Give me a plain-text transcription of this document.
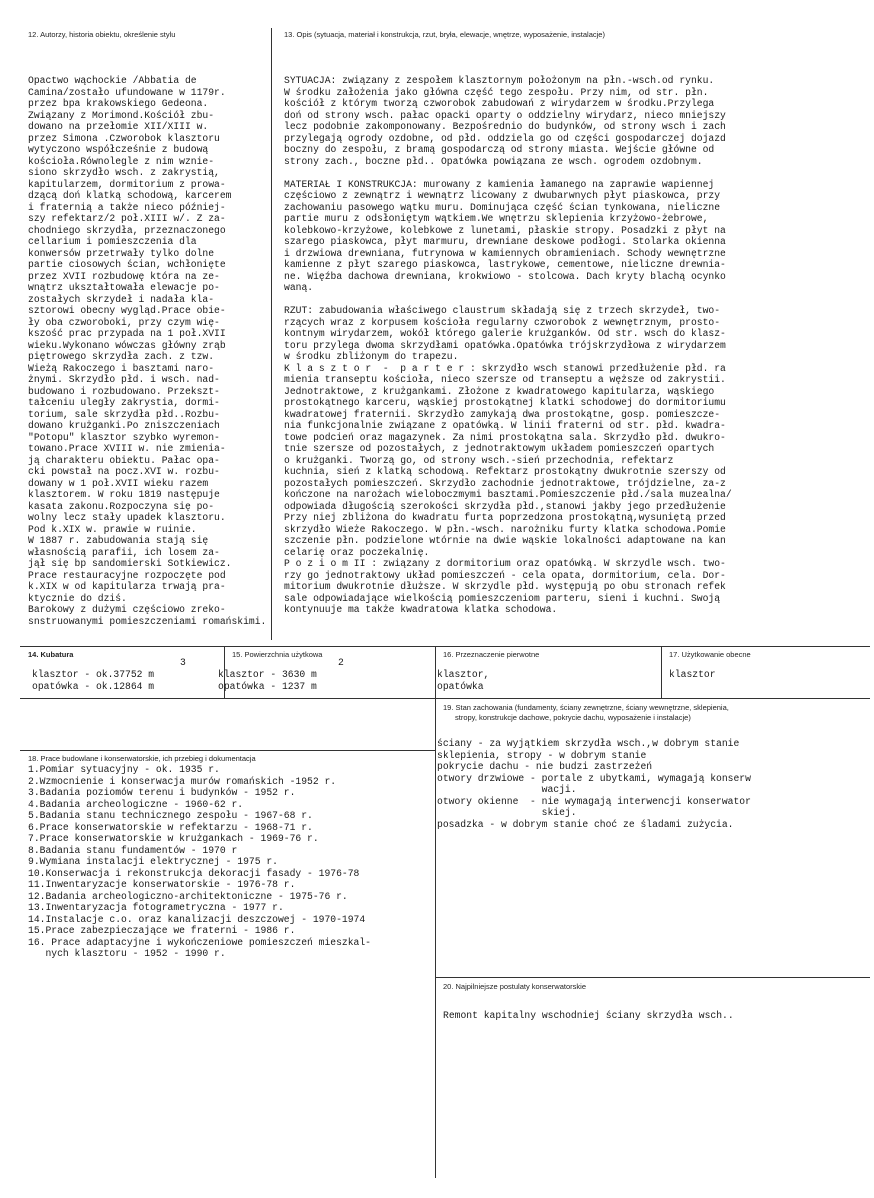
12. Autorzy, historia obiektu, określenie stylu	13. Opis (sytuacja, materiał i konstrukcja, rzut, bryła, elewacje, wnętrze, wyposażenie, instalacje)
Opactwo wąchockie /Abbatia de
Camina/zostało ufundowane w 1179r.
przez bpa krakowskiego Gedeona.
Związany z Morimond.Kościół zbu-
dowano na przełomie XII/XIII w.
przez Simona .Czworobok klasztoru
wytyczono współcześnie z budową
kościoła.Równolegle z nim wznie-
siono skrzydło wsch. z zakrystią,
kapitularzem, dormitorium z prowa-
dzącą doń klatką schodową, karcerem
i fraternią a także nieco później-
szy refektarz/2 poł.XIII w/. Z za-
chodniego skrzydła, przeznaczonego
cellarium i pomieszczenia dla
konwersów przetrwały tylko dolne
partie ciosowych ścian, wchłonięte
przez XVII rozbudowę która na ze-
wnątrz ukształtowała elewacje po-
zostałych skrzydeł i nadała kla-
sztorowi obecny wygląd.Prace obie-
ły oba czworoboki, przy czym wię-
kszość prac przypada na 1 poł.XVII
wieku.Wykonano wówczas główny zrąb
piętrowego skrzydła zach. z tzw.
Wieżą Rakoczego i basztami naro-
żnymi. Skrzydło płd. i wsch. nad-
budowano i rozbudowano. Przekszt-
tałceniu uległy zakrystia, dormi-
torium, sale skrzydła płd..Rozbu-
dowano krużganki.Po zniszczeniach
"Potopu" klasztor szybko wyremon-
towano.Prace XVIII w. nie zmienia-
ją charakteru obiektu. Pałac opa-
cki powstał na pocz.XVI w. rozbu-
dowany w 1 poł.XVII wieku razem
klasztorem. W roku 1819 następuje
kasata zakonu.Rozpoczyna się po-
wolny lecz stały upadek klasztoru.
Pod k.XIX w. prawie w ruinie.
W 1887 r. zabudowania stają się
własnością parafii, ich losem za-
jął się bp sandomierski Sotkiewicz.
Prace restauracyjne rozpoczęte pod
k.XIX w od kapitularza trwają pra-
ktycznie do dziś.
Barokowy z dużymi częściowo zreko-
snstruowanymi pomieszczeniami romańskimi.
SYTUACJA: związany z zespołem klasztornym położonym na płn.-wsch.od rynku.
W środku założenia jako główna część tego zespołu. Przy nim, od str. płn.
kościół z którym tworzą czworobok zabudowań z wirydarzem w środku.Przylega
doń od strony wsch. pałac opacki oparty o oddzielny wirydarz, nieco mniejszy
lecz podobnie zakomponowany. Bezpośrednio do budynków, od strony wsch i zach
przylegają ogrody ozdobne, od płd. oddziela go od części gospodarczej dojazd
boczny do zespołu, z bramą gospodarczą od strony miasta. Wejście główne od
strony zach., boczne płd.. Opatówka powiązana ze wsch. ogrodem ozdobnym.
MATERIAŁ I KONSTRUKCJA: murowany z kamienia łamanego na zaprawie wapiennej
częściowo z zewnątrz i wewnątrz licowany z dwubarwnych płyt piaskowca, przy
zachowaniu pasowego wątku muru. Dominująca część ścian tynkowana, nieliczne
partie muru z odsłoniętym wątkiem.We wnętrzu sklepienia krzyżowo-żebrowe,
kolebkowo-krzyżowe, kolebkowe z lunetami, płaskie stropy. Posadzki z płyt na
szarego piaskowca, płyt marmuru, drewniane deskowe podłogi. Stolarka okienna
i drzwiowa drewniana, futrynowa w kamiennych obramieniach. Schody wewnętrzne
kamienne z płyt szarego piaskowca, lastrykowe, cementowe, nieliczne drewnia-
ne. Więźba dachowa drewniana, krokwiowo - stolcowa. Dach kryty blachą ocynko
waną.
RZUT: zabudowania właściwego claustrum składają się z trzech skrzydeł, two-
rzących wraz z korpusem kościoła regularny czworobok z wewnętrznym, prosto-
kontnym wirydarzem, wokół którego galerie krużganków. Od str. wsch do klasz-
toru przylega dwoma skrzydłami opatówka.Opatówka trójskrzydłowa z wirydarzem
w środku zbliżonym do trapezu.
K l a s z t o r  -  p a r t e r : skrzydło wsch stanowi przedłużenie płd. ra
mienia transeptu kościoła, nieco szersze od transeptu a węższe od zakrystii.
Jednotraktowe, z krużgankami. Złożone z kwadratowego kapitularza, wąskiego
prostokątnego karceru, wąskiej prostokątnej klatki schodowej do dormitoriumu
kwadratowej fraternii. Skrzydło zamykają dwa prostokątne, gosp. pomieszcze-
nia funkcjonalnie związane z opatówką. W linii fraterni od str. płd. kwadra-
towe podcień oraz magazynek. Za nimi prostokątna sala. Skrzydło płd. dwukro-
tnie szersze od pozostałych, z jednotraktowym układem pomieszczeń opartych
o krużganki. Tworzą go, od strony wsch.-sień przechodnia, refektarz
kuchnia, sień z klatką schodową. Refektarz prostokątny dwukrotnie szerszy od
pozostałych pomieszczeń. Skrzydło zachodnie jednotraktowe, trójdzielne, za-z
kończone na narożach wieloboczmymi basztami.Pomieszczenie płd./sala muzealna/
odpowiada długością szerokości skrzydła płd.,stanowi jakby jego przedłużenie
Przy niej zbliżona do kwadratu furta poprzedzona prostokątną,wysuniętą przed
skrzydło Wieże Rakoczego. W płn.-wsch. narożniku furty klatka schodowa.Pomie
szczenie płn. podzielone wtórnie na dwie wąskie lokalności adaptowane na kan
celarię oraz poczekalnię.
P o z i o m II : związany z dormitorium oraz opatówką. W skrzydle wsch. two-
rzy go jednotraktowy układ pomieszczeń - cela opata, dormitorium, cela. Dor-
mitorium dwukrotnie dłuższe. W skrzydle płd. występują po obu stronach refek
sale odpowiadające wielkością pomieszczeniom parteru, sieni i kuchni. Swoją
kontynuuje ma także kwadratowa klatka schodowa.
14. Kubatura
3
klasztor - ok.37752 m
opatówka - ok.12864 m
15. Powierzchnia użytkowa
2
klasztor - 3630 m
opatówka - 1237 m
16. Przeznaczenie pierwotne
klasztor,
opatówka
17. Użytkowanie obecne
klasztor
19. Stan zachowania (fundamenty, ściany zewnętrzne, ściany wewnętrzne, sklepienia,
stropy, konstrukcje dachowe, pokrycie dachu, wyposażenie i instalacje)
ściany - za wyjątkiem skrzydła wsch.,w dobrym stanie
sklepienia, stropy - w dobrym stanie
pokrycie dachu - nie budzi zastrzeżeń
otwory drzwiowe - portale z ubytkami, wymagają konserw
wacji.
otwory okienne  - nie wymagają interwencji konserwator
skiej.
posadzka - w dobrym stanie choć ze śladami zużycia.
18. Prace budowlane i konserwatorskie, ich przebieg i dokumentacja
1.Pomiar sytuacyjny - ok. 1935 r.
2.Wzmocnienie i konserwacja murów romańskich -1952 r.
3.Badania poziomów terenu i budynków - 1952 r.
4.Badania archeologiczne - 1960-62 r.
5.Badania stanu technicznego zespołu - 1967-68 r.
6.Prace konserwatorskie w refektarzu - 1968-71 r.
7.Prace konserwatorskie w krużgankach - 1969-76 r.
8.Badania stanu fundamentów - 1970 r
9.Wymiana instalacji elektrycznej - 1975 r.
10.Konserwacja i rekonstrukcja dekoracji fasady - 1976-78
11.Inwentaryzacje konserwatorskie - 1976-78 r.
12.Badania archeologiczno-architektoniczne - 1975-76 r.
13.Inwentaryzacja fotogrametryczna - 1977 r.
14.Instalacje c.o. oraz kanalizacji deszczowej - 1970-1974
15.Prace zabezpieczające we fraterni - 1986 r.
16. Prace adaptacyjne i wykończeniowe pomieszczeń mieszkal-
nych klasztoru - 1952 - 1990 r.
20. Najpilniejsze postulaty konserwatorskie
Remont kapitalny wschodniej ściany skrzydła wsch..
